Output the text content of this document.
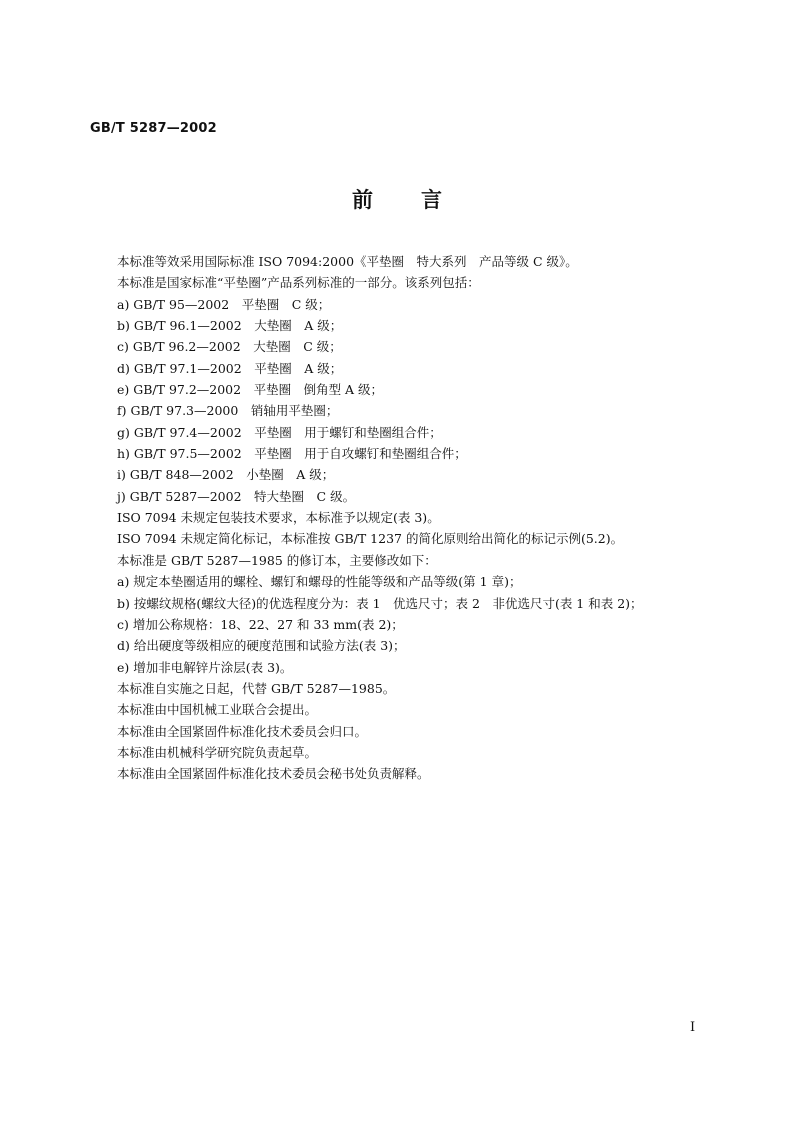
GB/T 5287—2002
前言
本标准等效采用国际标准 ISO 7094:2000《平垫圈　特大系列　产品等级 C 级》。
本标准是国家标准“平垫圈”产品系列标准的一部分。该系列包括：
a) GB/T 95—2002　平垫圈　C 级；
b) GB/T 96.1—2002　大垫圈　A 级；
c) GB/T 96.2—2002　大垫圈　C 级；
d) GB/T 97.1—2002　平垫圈　A 级；
e) GB/T 97.2—2002　平垫圈　倒角型 A 级；
f) GB/T 97.3—2000　销轴用平垫圈；
g) GB/T 97.4—2002　平垫圈　用于螺钉和垫圈组合件；
h) GB/T 97.5—2002　平垫圈　用于自攻螺钉和垫圈组合件；
i) GB/T 848—2002　小垫圈　A 级；
j) GB/T 5287—2002　特大垫圈　C 级。
ISO 7094 未规定包装技术要求，本标准予以规定(表 3)。
ISO 7094 未规定简化标记，本标准按 GB/T 1237 的简化原则给出简化的标记示例(5.2)。
本标准是 GB/T 5287—1985 的修订本，主要修改如下：
a) 规定本垫圈适用的螺栓、螺钉和螺母的性能等级和产品等级(第 1 章)；
b) 按螺纹规格(螺纹大径)的优选程度分为：表 1　优选尺寸；表 2　非优选尺寸(表 1 和表 2)；
c) 增加公称规格：18、22、27 和 33 mm(表 2)；
d) 给出硬度等级相应的硬度范围和试验方法(表 3)；
e) 增加非电解锌片涂层(表 3)。
本标准自实施之日起，代替 GB/T 5287—1985。
本标准由中国机械工业联合会提出。
本标准由全国紧固件标准化技术委员会归口。
本标准由机械科学研究院负责起草。
本标准由全国紧固件标准化技术委员会秘书处负责解释。
I
